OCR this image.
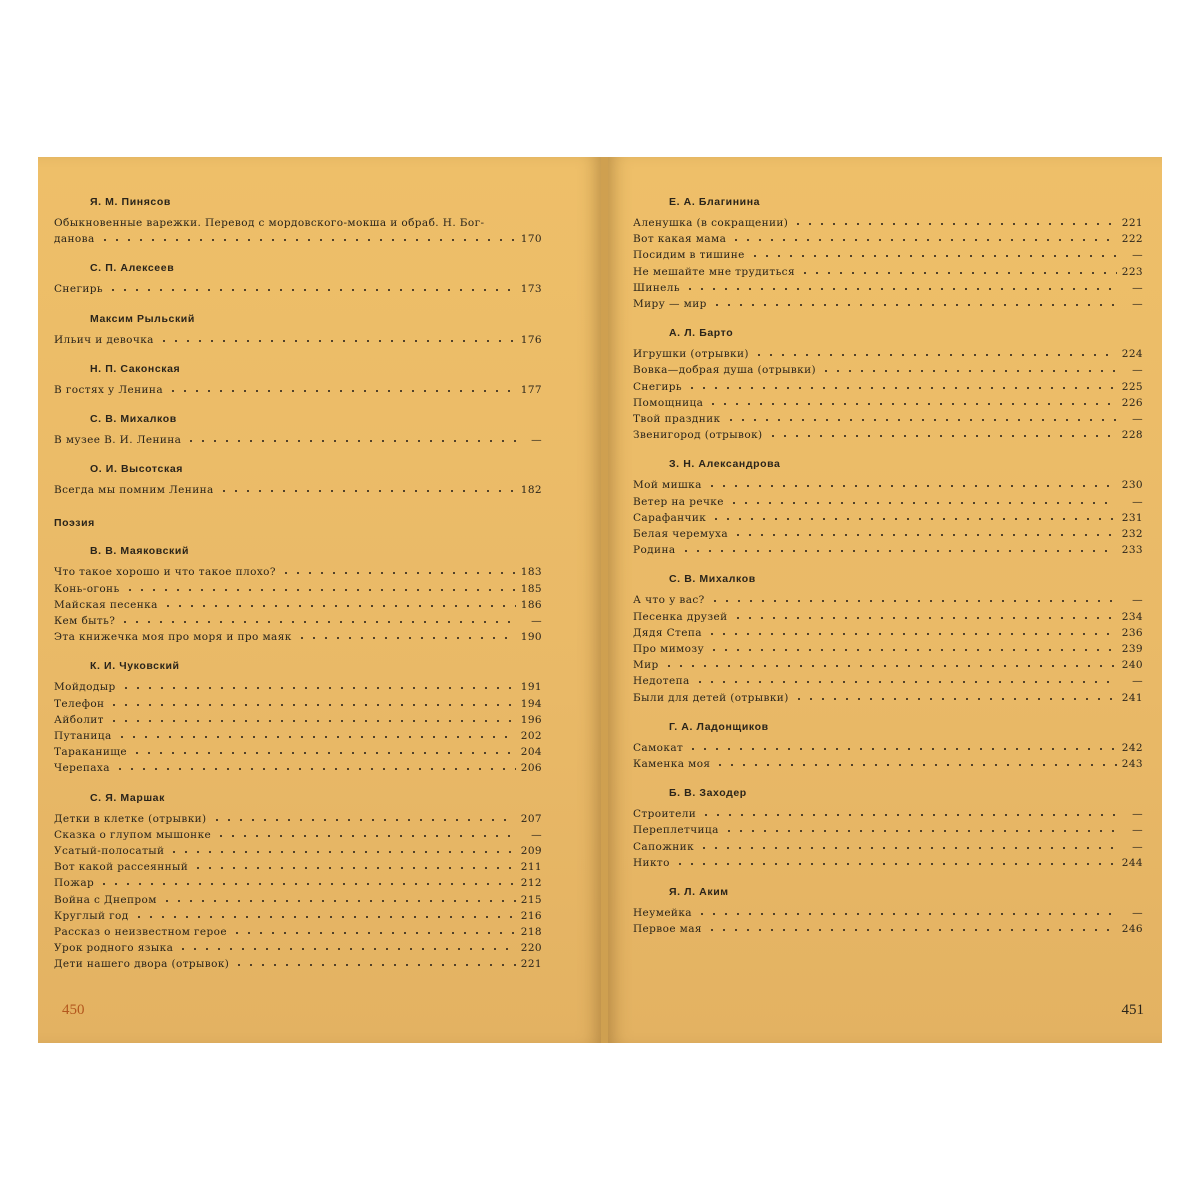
Я. М. Пинясов
Обыкновенные варежки. Перевод с мордовского-мокша и обраб. Н. Бог-
данова	170
С. П. Алексеев
Снегирь	173
Максим Рыльский
Ильич и девочка	176
Н. П. Саконская
В гостях у Ленина	177
С. В. Михалков
В музее В. И. Ленина	—
О. И. Высотская
Всегда мы помним Ленина	182
Поэзия
В. В. Маяковский
Что такое хорошо и что такое плохо?	183
Конь-огонь	185
Майская песенка	186
Кем быть?	—
Эта книжечка моя про моря и про маяк	190
К. И. Чуковский
Мойдодыр	191
Телефон	194
Айболит	196
Путаница	202
Тараканище	204
Черепаха	206
С. Я. Маршак
Детки в клетке (отрывки)	207
Сказка о глупом мышонке	—
Усатый-полосатый	209
Вот какой рассеянный	211
Пожар	212
Война с Днепром	215
Круглый год	216
Рассказ о неизвестном герое	218
Урок родного языка	220
Дети нашего двора (отрывок)	221
450
Е. А. Благинина
Аленушка (в сокращении)	221
Вот какая мама	222
Посидим в тишине	—
Не мешайте мне трудиться	223
Шинель	—
Миру — мир	—
А. Л. Барто
Игрушки (отрывки)	224
Вовка—добрая душа (отрывки)	—
Снегирь	225
Помощница	226
Твой праздник	—
Звенигород (отрывок)	228
З. Н. Александрова
Мой мишка	230
Ветер на речке	—
Сарафанчик	231
Белая черемуха	232
Родина	233
С. В. Михалков
А что у вас?	—
Песенка друзей	234
Дядя Степа	236
Про мимозу	239
Мир	240
Недотепа	—
Были для детей (отрывки)	241
Г. А. Ладонщиков
Самокат	242
Каменка моя	243
Б. В. Заходер
Строители	—
Переплетчица	—
Сапожник	—
Никто	244
Я. Л. Аким
Неумейка	—
Первое мая	246
451
